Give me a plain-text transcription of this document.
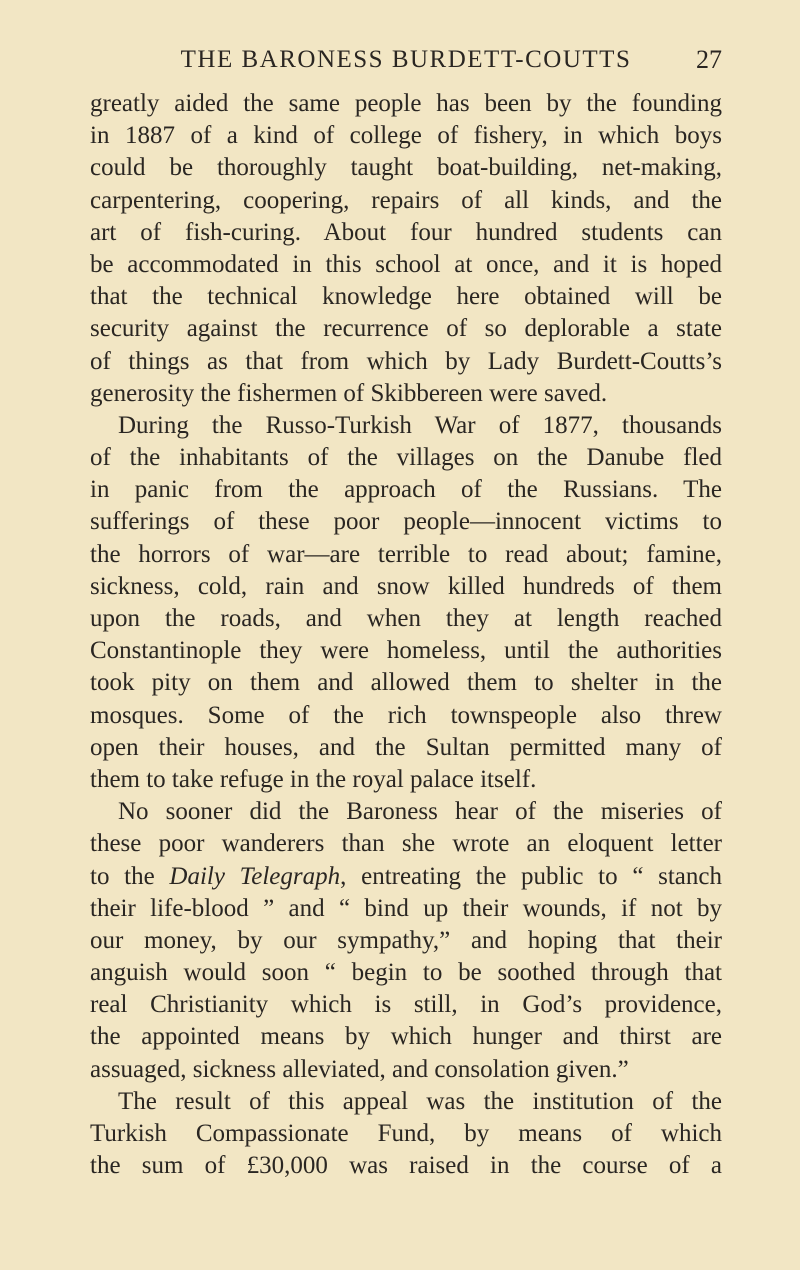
THE BARONESS BURDETT-COUTTS	27
greatly aided the same people has been by the founding
in 1887 of a kind of college of fishery, in which boys
could be thoroughly taught boat-building, net-making,
carpentering, coopering, repairs of all kinds, and the
art of fish-curing. About four hundred students can
be accommodated in this school at once, and it is hoped
that the technical knowledge here obtained will be
security against the recurrence of so deplorable a state
of things as that from which by Lady Burdett-Coutts’s
generosity the fishermen of Skibbereen were saved.
During the Russo-Turkish War of 1877, thousands
of the inhabitants of the villages on the Danube fled
in panic from the approach of the Russians. The
sufferings of these poor people—innocent victims to
the horrors of war—are terrible to read about; famine,
sickness, cold, rain and snow killed hundreds of them
upon the roads, and when they at length reached
Constantinople they were homeless, until the authorities
took pity on them and allowed them to shelter in the
mosques. Some of the rich townspeople also threw
open their houses, and the Sultan permitted many of
them to take refuge in the royal palace itself.
No sooner did the Baroness hear of the miseries of
these poor wanderers than she wrote an eloquent letter
to the Daily Telegraph, entreating the public to “ stanch
their life-blood ” and “ bind up their wounds, if not by
our money, by our sympathy,” and hoping that their
anguish would soon “ begin to be soothed through that
real Christianity which is still, in God’s providence,
the appointed means by which hunger and thirst are
assuaged, sickness alleviated, and consolation given.”
The result of this appeal was the institution of the
Turkish Compassionate Fund, by means of which
the sum of £30,000 was raised in the course of a
